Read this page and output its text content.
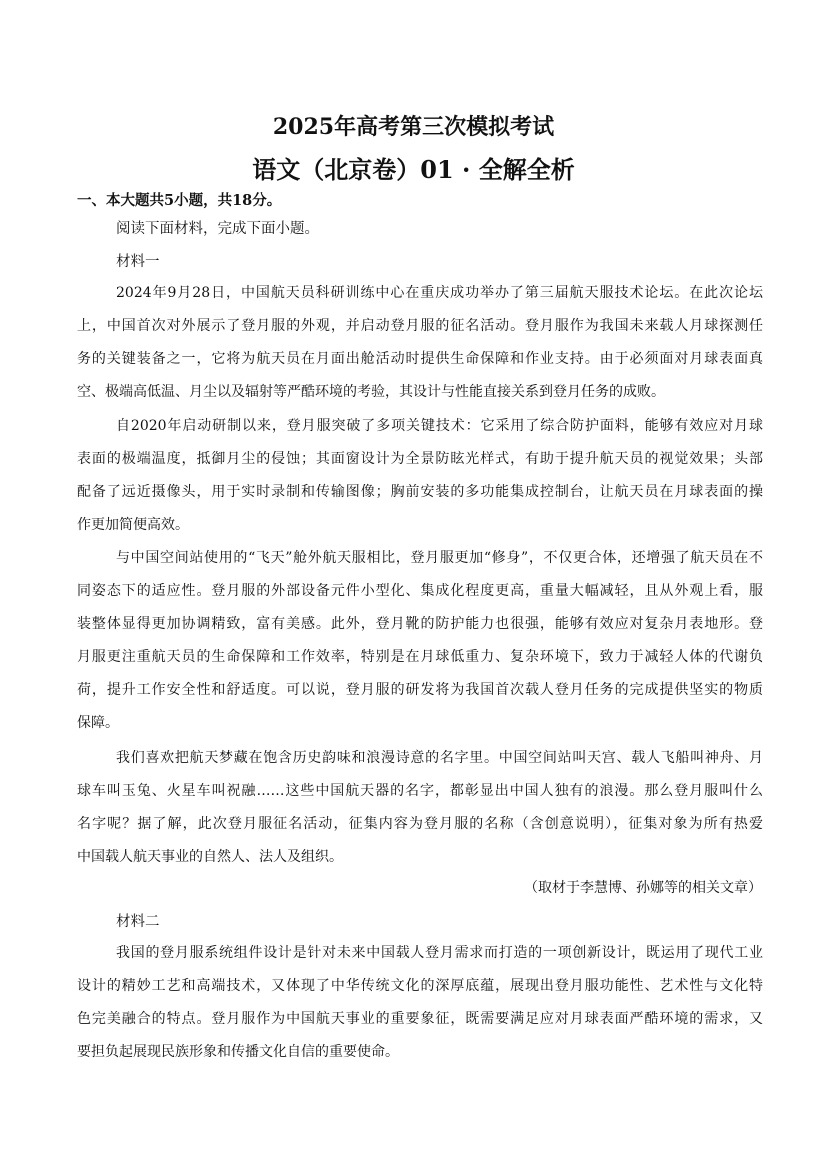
2025年高考第三次模拟考试
语文（北京卷）01 · 全解全析
一、本大题共5小题，共18分。
阅读下面材料，完成下面小题。
材料一
（取材于李慧博、孙娜等的相关文章）
材料二
2024年9月28日，中国航天员科研训练中心在重庆成功举办了第三届航天服技术论坛。在此次论坛
上，中国首次对外展示了登月服的外观，并启动登月服的征名活动。登月服作为我国未来载人月球探测任
务的关键装备之一，它将为航天员在月面出舱活动时提供生命保障和作业支持。由于必须面对月球表面真
空、极端高低温、月尘以及辐射等严酷环境的考验，其设计与性能直接关系到登月任务的成败。
自2020年启动研制以来，登月服突破了多项关键技术：它采用了综合防护面料，能够有效应对月球
表面的极端温度，抵御月尘的侵蚀；其面窗设计为全景防眩光样式，有助于提升航天员的视觉效果；头部
配备了远近摄像头，用于实时录制和传输图像；胸前安装的多功能集成控制台，让航天员在月球表面的操
作更加简便高效。
与中国空间站使用的“飞天”舱外航天服相比，登月服更加“修身”，不仅更合体，还增强了航天员在不
同姿态下的适应性。登月服的外部设备元件小型化、集成化程度更高，重量大幅减轻，且从外观上看，服
装整体显得更加协调精致，富有美感。此外，登月靴的防护能力也很强，能够有效应对复杂月表地形。登
月服更注重航天员的生命保障和工作效率，特别是在月球低重力、复杂环境下，致力于减轻人体的代谢负
荷，提升工作安全性和舒适度。可以说，登月服的研发将为我国首次载人登月任务的完成提供坚实的物质
保障。
我们喜欢把航天梦藏在饱含历史韵味和浪漫诗意的名字里。中国空间站叫天宫、载人飞船叫神舟、月
球车叫玉兔、火星车叫祝融……这些中国航天器的名字，都彰显出中国人独有的浪漫。那么登月服叫什么
名字呢？据了解，此次登月服征名活动，征集内容为登月服的名称（含创意说明），征集对象为所有热爱
中国载人航天事业的自然人、法人及组织。
我国的登月服系统组件设计是针对未来中国载人登月需求而打造的一项创新设计，既运用了现代工业
设计的精妙工艺和高端技术，又体现了中华传统文化的深厚底蕴，展现出登月服功能性、艺术性与文化特
色完美融合的特点。登月服作为中国航天事业的重要象征，既需要满足应对月球表面严酷环境的需求，又
要担负起展现民族形象和传播文化自信的重要使命。
